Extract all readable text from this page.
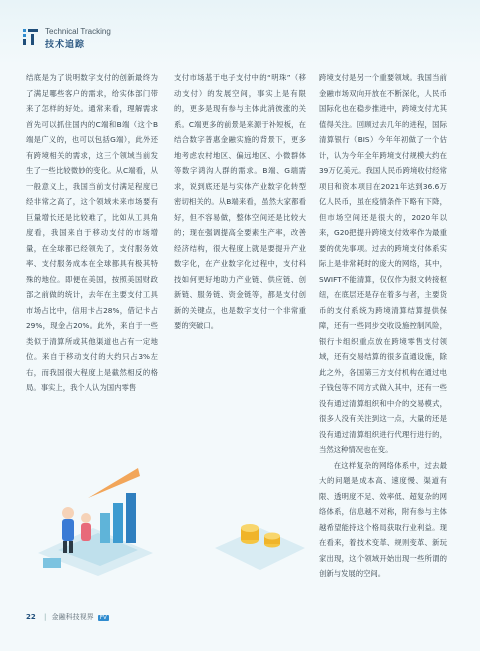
Technical Tracking
技术追踪

结底是为了说明数字支付的创新最终为了满足哪些客户的需求，给实体部门带来了怎样的好处。通常来看，理解需求首先可以抓住国内的C端和B端（这个B端是广义的，也可以包括G端），此外还有跨境相关的需求，这三个领域当前发生了一些比较微妙的变化。从C端看，从一般意义上，我国当前支付满足程度已经非常之高了，这个领域未来市场要有巨量增长还是比较难了，比如从工具角度看，我国来自于移动支付的市场增量，在全球都已经领先了，支付服务效率、支付服务成本在全球都具有极其特殊的地位。即便在美国，按照美国财政部之前做的统计，去年在主要支付工具市场占比中，信用卡占28%，借记卡占29%，现金占20%。此外，来自于一些类似于清算所或其他渠道也占有一定地位。来自于移动支付的大约只占3%左右，而我国很大程度上是截然相反的格局。事实上，我个人认为国内零售

支付市场基于电子支付中的“明珠”（移动支付）的发展空间，事实上是有限的，更多是现有参与主体此消彼涨的关系。C端更多的前景是来源于补短板，在结合数字普惠金融实施的背景下，更多地考虑农村地区、偏远地区、小微群体等数字鸿沟人群的需求。B端、G端需求，说到底还是与实体产业数字化转型密切相关的。从B端来看，虽然大家都看好，但不容易做，整体空间还是比较大的；现在强调提高全要素生产率，改善经济结构，很大程度上就是要提升产业数字化，在产业数字化过程中，支付科技如何更好地助力产业链、供应链、创新链、服务链、资金链等，都是支付创新的关键点，也是数字支付一个非常重要的突破口。

跨境支付是另一个重要领域。我国当前金融市场双向开放在不断深化，人民币国际化也在稳步推进中，跨境支付尤其值得关注。回顾过去几年的进程，国际清算银行（BIS）今年年初做了一个估计，认为今年全年跨境支付规模大约在39万亿美元。我国人民币跨境收付经常项目和资本项目在2021年达到36.6万亿人民币，虽在疫情条件下略有下降，但市场空间还是很大的，2020年以来，G20把提升跨境支付效率作为最重要的优先事项。过去的跨境支付体系实际上是非常耗时的庞大的网络，其中，SWIFT不能清算，仅仅作为报文转接枢纽，在底层还是存在着多与者，主要货币的支付系统为跨境清算结算提供保障，还有一些同步交收设施控制风险，银行卡组织重点放在跨境零售支付领域，还有交易结算的很多直通设施，除此之外，各国第三方支付机构在通过电子钱包等不同方式做入其中，还有一些没有通过清算组织和中介的交易模式，很多人没有关注到这一点，大量的还是没有通过清算组织进行代理行进行的，当然这种情况也在变。

在这样复杂的网络体系中，过去最大的问题是成本高、速度慢、渠道有限、透明度不足、效率低、超复杂的网络体系，信息越不对称，附有参与主体越希望能持这个格局获取行业利益。现在看来，着技术变革、规则变革、新玩家出现，这个领域开始出现一些所谓的创新与发展的空间。

22 | 金融科技视界 FV
